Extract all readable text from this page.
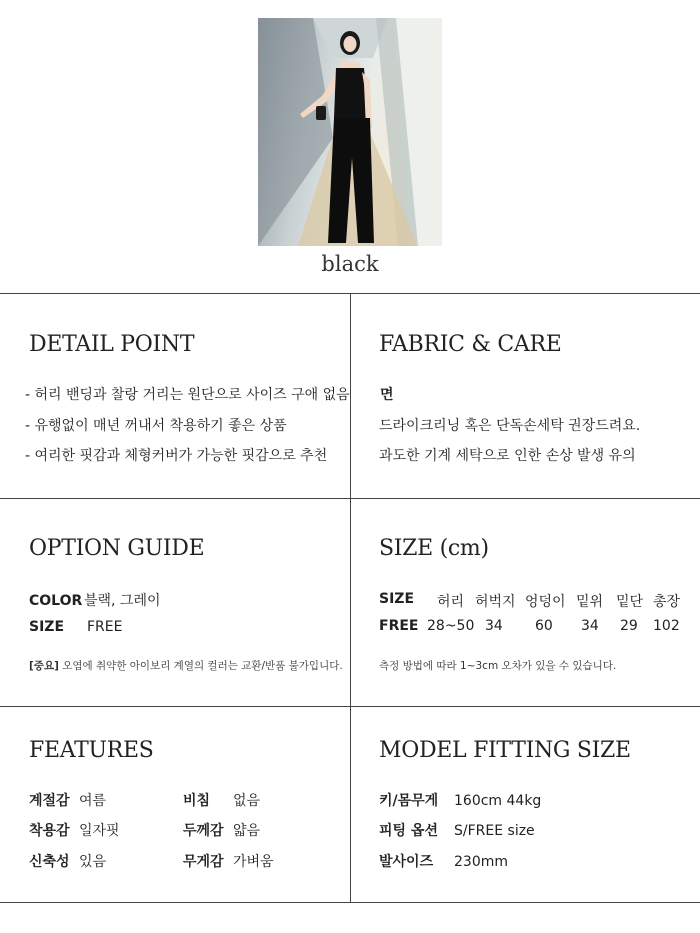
black
DETAIL POINT
- 허리 밴딩과 찰랑 거리는 원단으로 사이즈 구애 없음
- 유행없이 매년 꺼내서 착용하기 좋은 상품
- 여리한 핏감과 체형커버가 가능한 핏감으로 추천
FABRIC & CARE
면
드라이크리닝 혹은 단독손세탁 권장드려요.
과도한 기계 세탁으로 인한 손상 발생 유의
OPTION GUIDE
COLOR 블랙, 그레이
SIZE FREE
[중요] 오염에 취약한 아이보리 계열의 컬러는 교환/반품 불가입니다.
SIZE (cm)
SIZE 허리 허벅지 엉덩이 밑위 밑단 총장
FREE 28~50 34 60 34 29 102
측정 방법에 따라 1~3cm 오차가 있을 수 있습니다.
FEATURES
계절감 여름
착용감 일자핏
신축성 있음
비침 없음
두께감 얇음
무게감 가벼움
MODEL FITTING SIZE
키/몸무게 160cm 44kg
피팅 옵션 S/FREE size
발사이즈 230mm
